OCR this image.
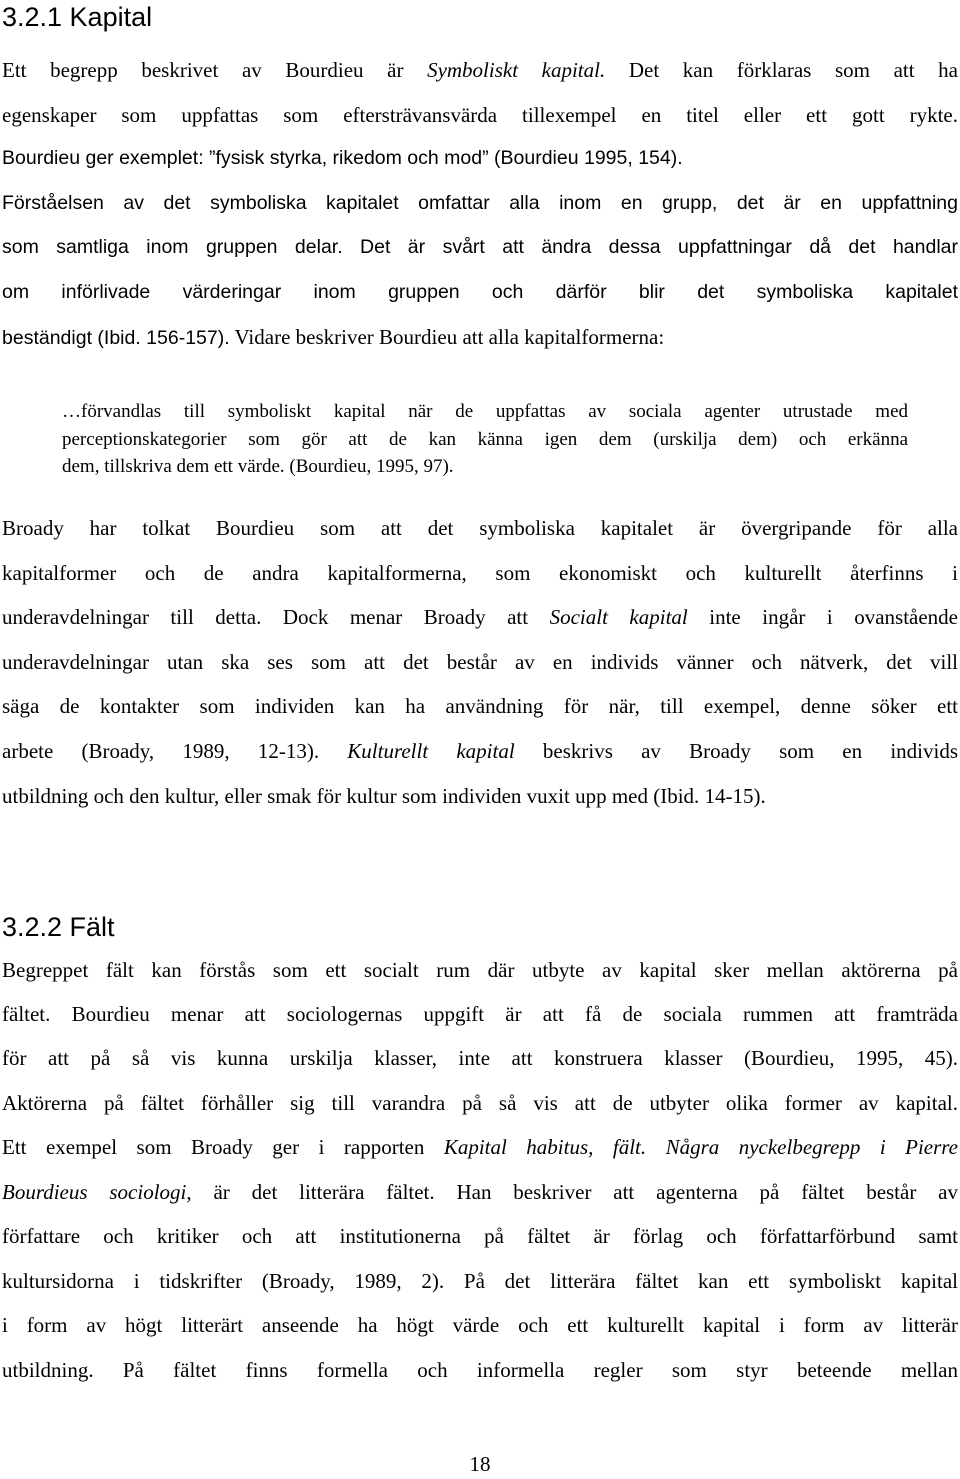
3.2.1 Kapital
Ett begrepp beskrivet av Bourdieu är Symboliskt kapital. Det kan förklaras som att ha
egenskaper som uppfattas som eftersträvansvärda tillexempel en titel eller ett gott rykte.
Bourdieu ger exemplet: ”fysisk styrka, rikedom och mod” (Bourdieu 1995, 154).
Förståelsen av det symboliska kapitalet omfattar alla inom en grupp, det är en uppfattning
som samtliga inom gruppen delar. Det är svårt att ändra dessa uppfattningar då det handlar
om införlivade värderingar inom gruppen och därför blir det symboliska kapitalet
beständigt (Ibid. 156-157). Vidare beskriver Bourdieu att alla kapitalformerna:
…förvandlas till symboliskt kapital när de uppfattas av sociala agenter utrustade med
perceptionskategorier som gör att de kan känna igen dem (urskilja dem) och erkänna
dem, tillskriva dem ett värde. (Bourdieu, 1995, 97).
Broady har tolkat Bourdieu som att det symboliska kapitalet är övergripande för alla
kapitalformer och de andra kapitalformerna, som ekonomiskt och kulturellt återfinns i
underavdelningar till detta. Dock menar Broady att Socialt kapital inte ingår i ovanstående
underavdelningar utan ska ses som att det består av en individs vänner och nätverk, det vill
säga de kontakter som individen kan ha användning för när, till exempel, denne söker ett
arbete (Broady, 1989, 12-13). Kulturellt kapital beskrivs av Broady som en individs
utbildning och den kultur, eller smak för kultur som individen vuxit upp med (Ibid. 14-15).
3.2.2 Fält
Begreppet fält kan förstås som ett socialt rum där utbyte av kapital sker mellan aktörerna på
fältet. Bourdieu menar att sociologernas uppgift är att få de sociala rummen att framträda
för att på så vis kunna urskilja klasser, inte att konstruera klasser (Bourdieu, 1995, 45).
Aktörerna på fältet förhåller sig till varandra på så vis att de utbyter olika former av kapital.
Ett exempel som Broady ger i rapporten Kapital habitus, fält. Några nyckelbegrepp i Pierre
Bourdieus sociologi, är det litterära fältet. Han beskriver att agenterna på fältet består av
författare och kritiker och att institutionerna på fältet är förlag och författarförbund samt
kultursidorna i tidskrifter (Broady, 1989, 2). På det litterära fältet kan ett symboliskt kapital
i form av högt litterärt anseende ha högt värde och ett kulturellt kapital i form av litterär
utbildning. På fältet finns formella och informella regler som styr beteende mellan
18
